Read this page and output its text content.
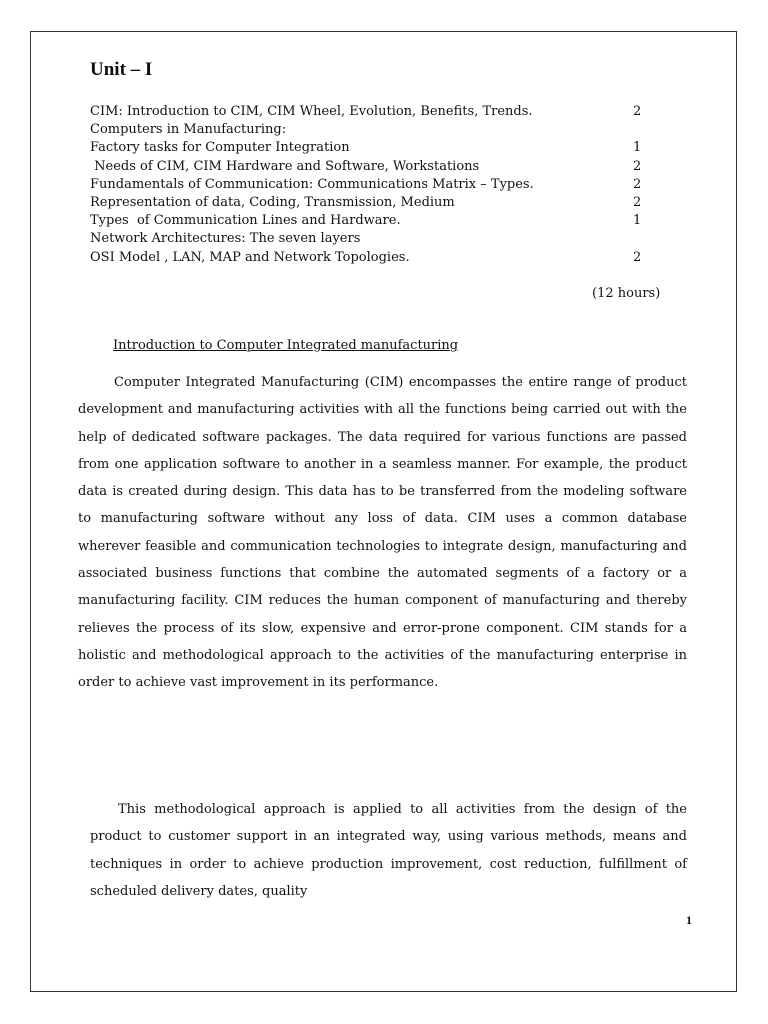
Unit – I
CIM: Introduction to CIM, CIM Wheel, Evolution, Benefits, Trends.	2
Computers in Manufacturing:
Factory tasks for Computer Integration	1
Needs of CIM, CIM Hardware and Software, Workstations	2
Fundamentals of Communication: Communications Matrix – Types.	2
Representation of data, Coding, Transmission, Medium	2
Types  of Communication Lines and Hardware.	1
Network Architectures: The seven layers
OSI Model , LAN, MAP and Network Topologies.	2
(12 hours)
Introduction to Computer Integrated manufacturing

Computer Integrated Manufacturing (CIM) encompasses the entire range of product development and manufacturing activities with all the functions being carried out with the help of dedicated software packages. The data required for various functions are passed from one application software to another in a seamless manner. For example, the product data is created during design. This data has to be transferred from the modeling software to manufacturing software without any loss of data. CIM uses a common database wherever feasible and communication technologies to integrate design, manufacturing and associated business functions that combine the automated segments of a factory or a manufacturing facility. CIM reduces the human component of manufacturing and thereby relieves the process of its slow, expensive and error-prone component. CIM stands for a holistic and methodological approach to the activities of the manufacturing enterprise in order to achieve vast improvement in its performance.

This methodological approach is applied to all activities from the design of the product to customer support in an integrated way, using various methods, means and techniques in order to achieve production improvement, cost reduction, fulfillment of scheduled delivery dates, quality

1
